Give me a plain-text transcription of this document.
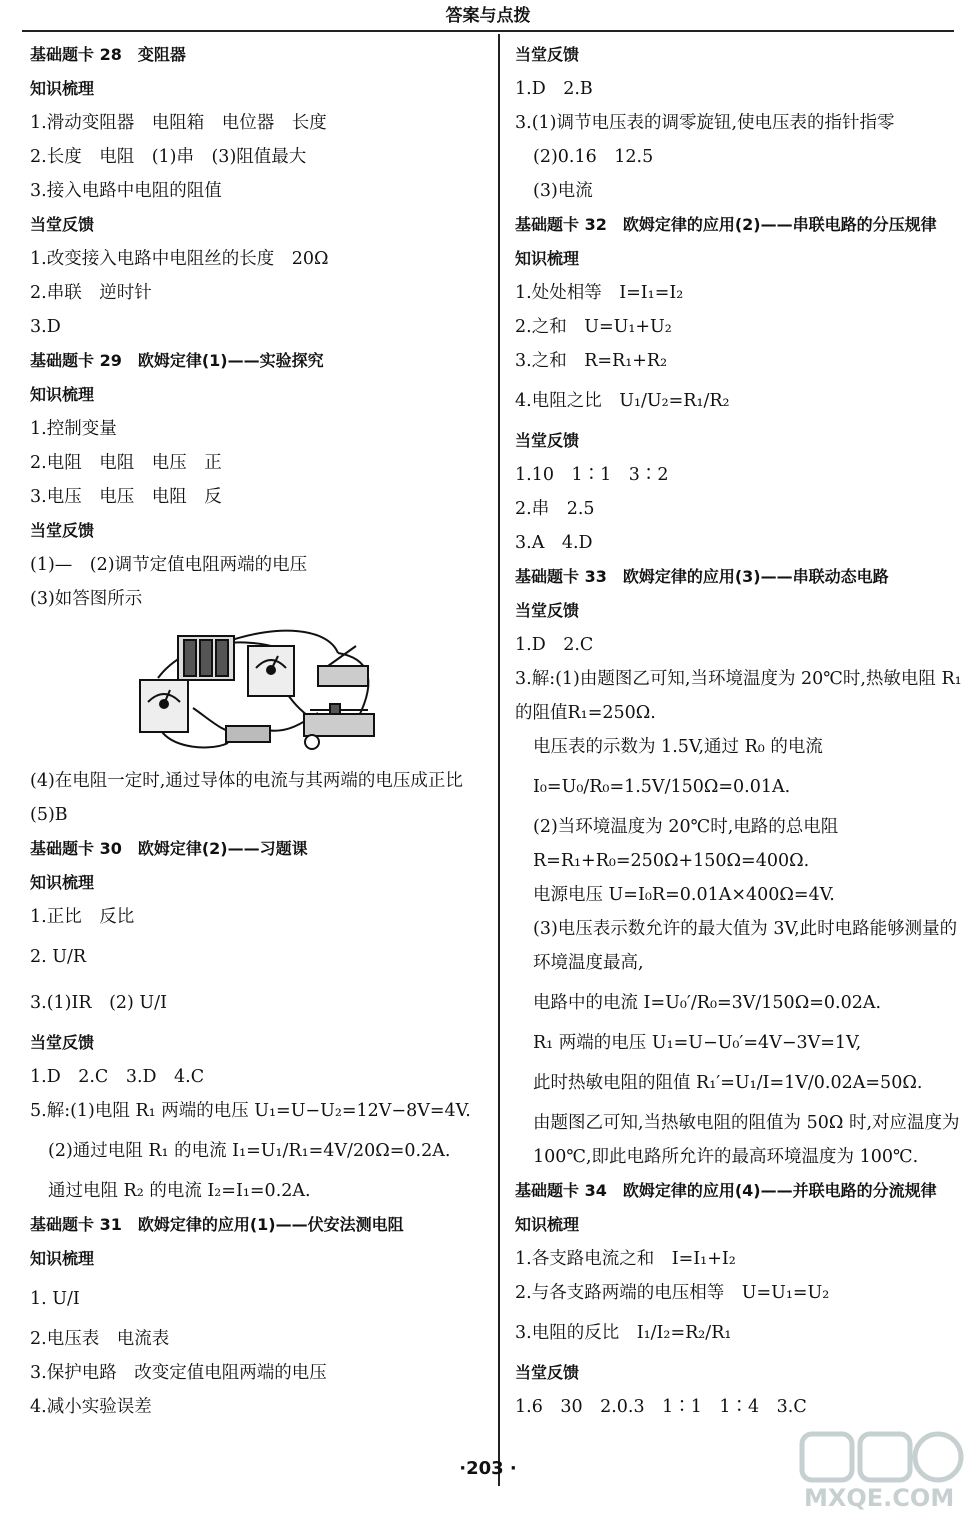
答案与点拨
基础题卡 28　变阻器
知识梳理
1.滑动变阻器　电阻箱　电位器　长度
2.长度　电阻　(1)串　(3)阻值最大
3.接入电路中电阻的阻值
当堂反馈
1.改变接入电路中电阻丝的长度　20Ω
2.串联　逆时针
3.D
基础题卡 29　欧姆定律(1)——实验探究
知识梳理
1.控制变量
2.电阻　电阻　电压　正
3.电压　电压　电阻　反
当堂反馈
(1)—　(2)调节定值电阻两端的电压
(3)如答图所示
(4)在电阻一定时,通过导体的电流与其两端的电压成正比
(5)B
基础题卡 30　欧姆定律(2)——习题课
知识梳理
1.正比　反比
2. U/R
3.(1)IR　(2) U/I
当堂反馈
1.D　2.C　3.D　4.C
5.解:(1)电阻 R₁ 两端的电压 U₁=U−U₂=12V−8V=4V.
(2)通过电阻 R₁ 的电流 I₁=U₁/R₁=4V/20Ω=0.2A.
通过电阻 R₂ 的电流 I₂=I₁=0.2A.
基础题卡 31　欧姆定律的应用(1)——伏安法测电阻
知识梳理
1. U/I
2.电压表　电流表
3.保护电路　改变定值电阻两端的电压
4.减小实验误差
当堂反馈
1.D　2.B
3.(1)调节电压表的调零旋钮,使电压表的指针指零
(2)0.16　12.5
(3)电流
基础题卡 32　欧姆定律的应用(2)——串联电路的分压规律
知识梳理
1.处处相等　I=I₁=I₂
2.之和　U=U₁+U₂
3.之和　R=R₁+R₂
4.电阻之比　U₁/U₂=R₁/R₂
当堂反馈
1.10　1∶1　3∶2
2.串　2.5
3.A　4.D
基础题卡 33　欧姆定律的应用(3)——串联动态电路
当堂反馈
1.D　2.C
3.解:(1)由题图乙可知,当环境温度为 20℃时,热敏电阻 R₁
的阻值R₁=250Ω.
电压表的示数为 1.5V,通过 R₀ 的电流
I₀=U₀/R₀=1.5V/150Ω=0.01A.
(2)当环境温度为 20℃时,电路的总电阻
R=R₁+R₀=250Ω+150Ω=400Ω.
电源电压 U=I₀R=0.01A×400Ω=4V.
(3)电压表示数允许的最大值为 3V,此时电路能够测量的
环境温度最高,
电路中的电流 I=U₀′/R₀=3V/150Ω=0.02A.
R₁ 两端的电压 U₁=U−U₀′=4V−3V=1V,
此时热敏电阻的阻值 R₁′=U₁/I=1V/0.02A=50Ω.
由题图乙可知,当热敏电阻的阻值为 50Ω 时,对应温度为
100℃,即此电路所允许的最高环境温度为 100℃.
基础题卡 34　欧姆定律的应用(4)——并联电路的分流规律
知识梳理
1.各支路电流之和　I=I₁+I₂
2.与各支路两端的电压相等　U=U₁=U₂
3.电阻的反比　I₁/I₂=R₂/R₁
当堂反馈
1.6　30　2.0.3　1∶1　1∶4　3.C
·203 ·
MXQE.COM
